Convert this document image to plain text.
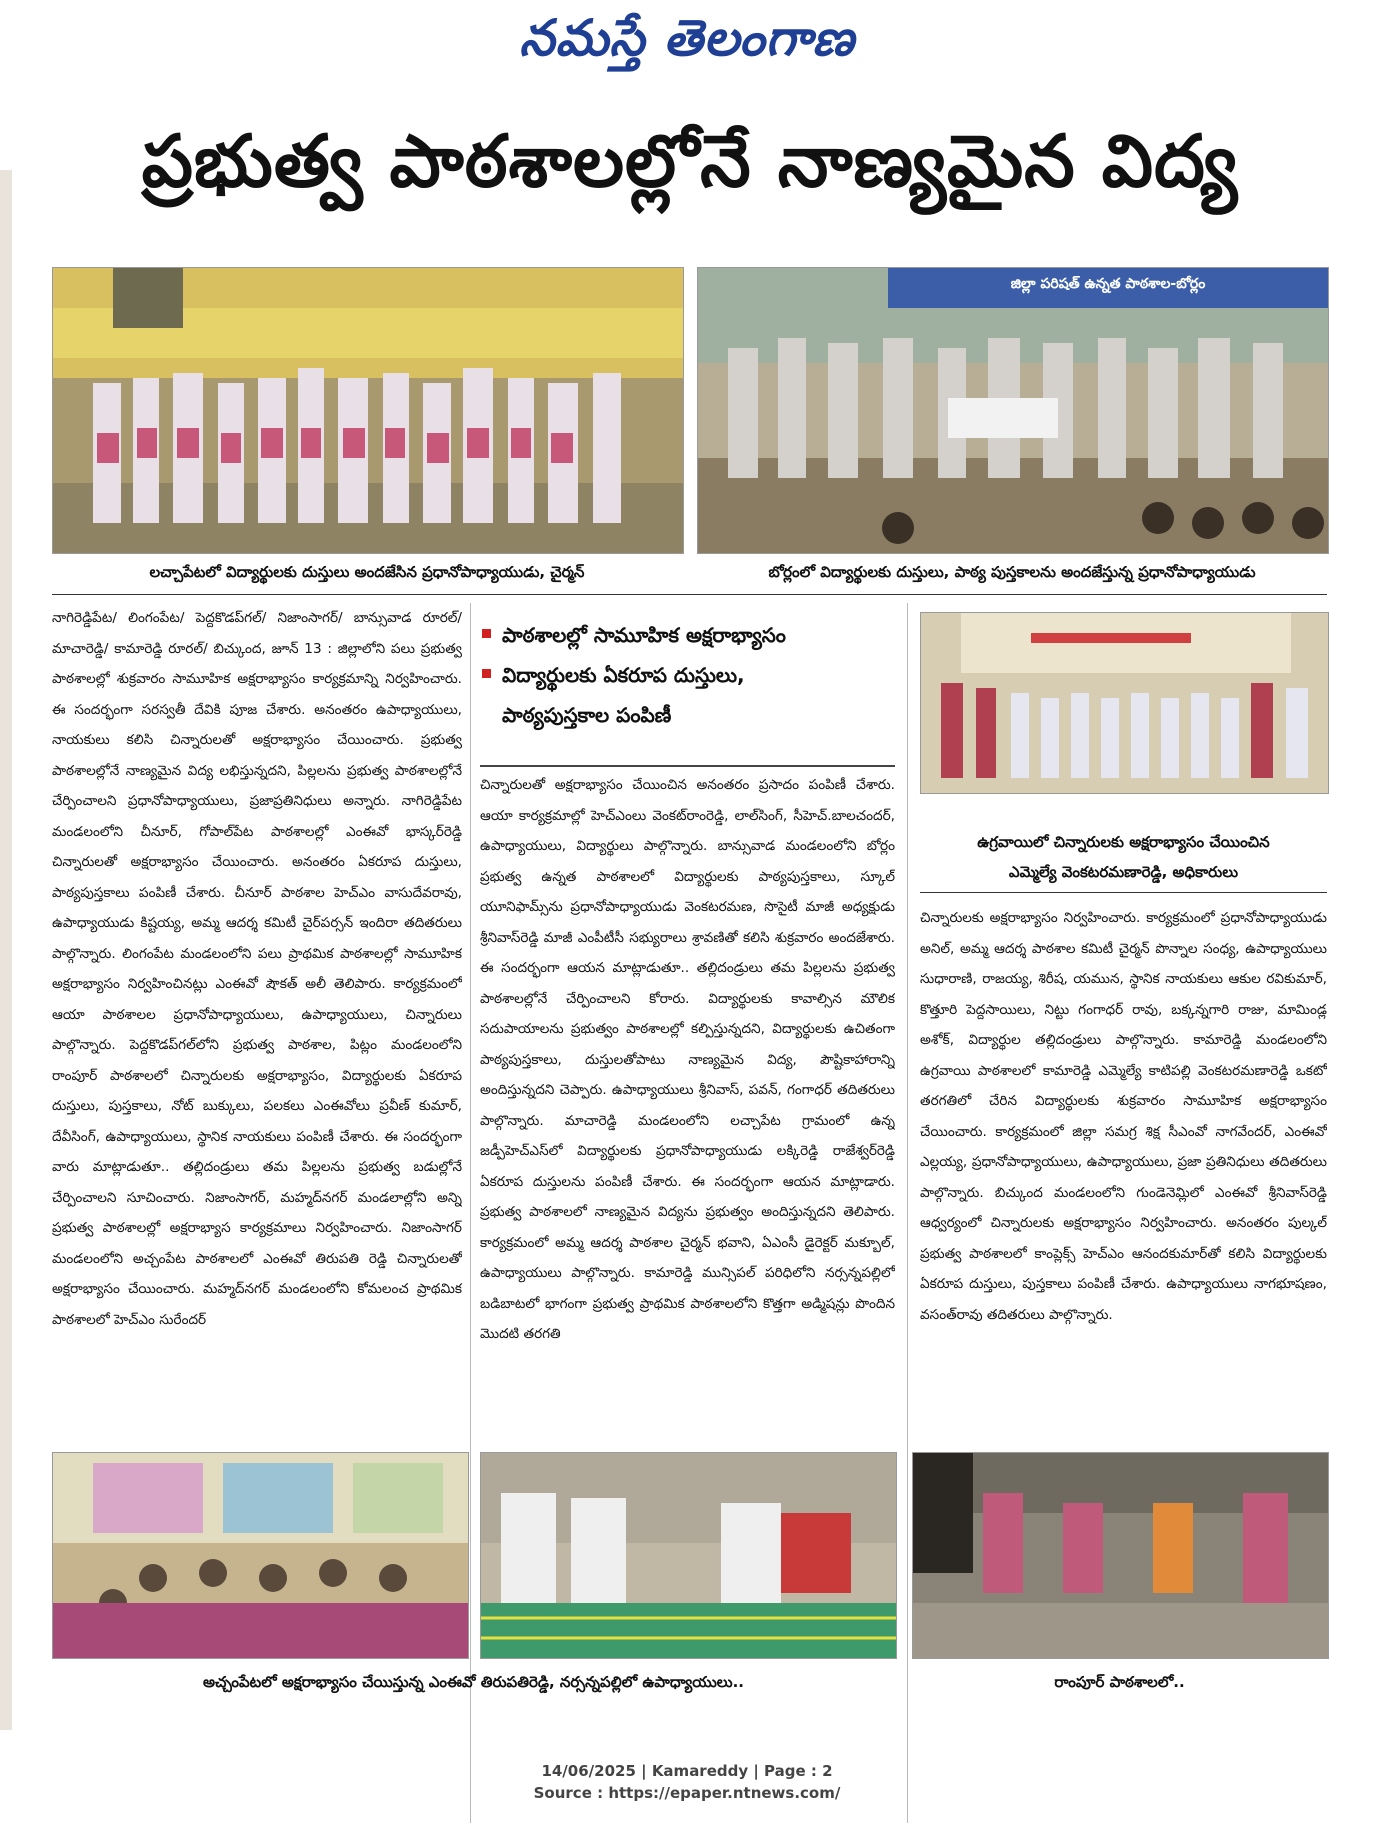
నమస్తే తెలంగాణ
ప్రభుత్వ పాఠశాలల్లోనే నాణ్యమైన విద్య
జిల్లా పరిషత్ ఉన్నత పాఠశాల-బోర్లం
లచ్చాపేటలో విద్యార్థులకు దుస్తులు అందజేసిన ప్రధానోపాధ్యాయుడు, చైర్మన్	బోర్లంలో విద్యార్థులకు దుస్తులు, పాఠ్య పుస్తకాలను అందజేస్తున్న ప్రధానోపాధ్యాయుడు
నాగిరెడ్డిపేట/ లింగంపేట/ పెద్దకొడప్‌గల్/ నిజాంసాగర్/ బాన్సువాడ రూరల్/ మాచారెడ్డి/ కామారెడ్డి రూరల్/ బిచ్కుంద, జూన్ 13 : జిల్లాలోని పలు ప్రభుత్వ పాఠశాలల్లో శుక్రవారం సామూహిక అక్షరాభ్యాసం కార్యక్రమాన్ని నిర్వహించారు. ఈ సందర్భంగా సరస్వతీ దేవికి పూజ చేశారు. అనంతరం ఉపాధ్యాయులు, నాయకులు కలిసి చిన్నారులతో అక్షరాభ్యాసం చేయించారు. ప్రభుత్వ పాఠశాలల్లోనే నాణ్యమైన విద్య లభిస్తున్నదని, పిల్లలను ప్రభుత్వ పాఠశాలల్లోనే చేర్పించాలని ప్రధానోపాధ్యాయులు, ప్రజాప్రతినిధులు అన్నారు. నాగిరెడ్డిపేట మండలంలోని చీనూర్, గోపాల్‌పేట పాఠశాలల్లో ఎంఈవో భాస్కర్‌రెడ్డి చిన్నారులతో అక్షరాభ్యాసం చేయించారు. అనంతరం ఏకరూప దుస్తులు, పాఠ్యపుస్తకాలు పంపిణీ చేశారు. చీనూర్ పాఠశాల హెచ్‌ఎం వాసుదేవరావు, ఉపాధ్యాయుడు కిష్టయ్య, అమ్మ ఆదర్శ కమిటీ చైర్‌పర్సన్ ఇందిరా తదితరులు పాల్గొన్నారు. లింగంపేట మండలంలోని పలు ప్రాథమిక పాఠశాలల్లో సామూహిక అక్షరాభ్యాసం నిర్వహించినట్లు ఎంఈవో షౌకత్ అలీ తెలిపారు. కార్యక్రమంలో ఆయా పాఠశాలల ప్రధానోపాధ్యాయులు, ఉపాధ్యాయులు, చిన్నారులు పాల్గొన్నారు. పెద్దకొడప్‌గల్‌లోని ప్రభుత్వ పాఠశాల, పిట్లం మండలంలోని రాంపూర్ పాఠశాలలో చిన్నారులకు అక్షరాభ్యాసం, విద్యార్థులకు ఏకరూప దుస్తులు, పుస్తకాలు, నోట్ బుక్కులు, పలకలు ఎంఈవోలు ప్రవీణ్ కుమార్, దేవీసింగ్, ఉపాధ్యాయులు, స్థానిక నాయకులు పంపిణీ చేశారు. ఈ సందర్భంగా వారు మాట్లాడుతూ.. తల్లిదండ్రులు తమ పిల్లలను ప్రభుత్వ బడుల్లోనే చేర్పించాలని సూచించారు. నిజాంసాగర్, మహ్మద్‌నగర్ మండలాల్లోని అన్ని ప్రభుత్వ పాఠశాలల్లో అక్షరాభ్యాస కార్యక్రమాలు నిర్వహించారు. నిజాంసాగర్ మండలంలోని అచ్చంపేట పాఠశాలలో ఎంఈవో తిరుపతి రెడ్డి చిన్నారులతో అక్షరాభ్యాసం చేయించారు. మహ్మద్‌నగర్ మండలంలోని కోమలంచ ప్రాథమిక పాఠశాలలో హెచ్‌ఎం సురేందర్
పాఠశాలల్లో సామూహిక అక్షరాభ్యాసం
విద్యార్థులకు ఏకరూప దుస్తులు,
పాఠ్యపుస్తకాల పంపిణీ
చిన్నారులతో అక్షరాభ్యాసం చేయించిన అనంతరం ప్రసాదం పంపిణీ చేశారు. ఆయా కార్యక్రమాల్లో హెచ్‌ఎంలు వెంకట్‌రాంరెడ్డి, లాల్‌సింగ్, సీహెచ్.బాలచందర్, ఉపాధ్యాయులు, విద్యార్థులు పాల్గొన్నారు. బాన్సువాడ మండలంలోని బోర్లం ప్రభుత్వ ఉన్నత పాఠశాలలో విద్యార్థులకు పాఠ్యపుస్తకాలు, స్కూల్ యూనిఫామ్స్‌ను ప్రధానోపాధ్యాయుడు వెంకటరమణ, సొసైటీ మాజీ అధ్యక్షుడు శ్రీనివాస్‌రెడ్డి మాజీ ఎంపీటీసీ సభ్యురాలు శ్రావణితో కలిసి శుక్రవారం అందజేశారు. ఈ సందర్భంగా ఆయన మాట్లాడుతూ.. తల్లిదండ్రులు తమ పిల్లలను ప్రభుత్వ పాఠశాలల్లోనే చేర్పించాలని కోరారు. విద్యార్థులకు కావాల్సిన మౌలిక సదుపాయాలను ప్రభుత్వం పాఠశాలల్లో కల్పిస్తున్నదని, విద్యార్థులకు ఉచితంగా పాఠ్యపుస్తకాలు, దుస్తులతోపాటు నాణ్యమైన విద్య, పౌష్టికాహారాన్ని అందిస్తున్నదని చెప్పారు. ఉపాధ్యాయులు శ్రీనివాస్, పవన్, గంగాధర్ తదితరులు పాల్గొన్నారు. మాచారెడ్డి మండలంలోని లచ్చాపేట గ్రామంలో ఉన్న జడ్పీహెచ్‌ఎస్‌లో విద్యార్థులకు ప్రధానోపాధ్యాయుడు లక్కిరెడ్డి రాజేశ్వర్‌రెడ్డి ఏకరూప దుస్తులను పంపిణీ చేశారు. ఈ సందర్భంగా ఆయన మాట్లాడారు. ప్రభుత్వ పాఠశాలలో నాణ్యమైన విద్యను ప్రభుత్వం అందిస్తున్నదని తెలిపారు. కార్యక్రమంలో అమ్మ ఆదర్శ పాఠశాల చైర్మన్ భవాని, ఏఎంసీ డైరెక్టర్ మక్బూల్, ఉపాధ్యాయులు పాల్గొన్నారు. కామారెడ్డి మున్సిపల్ పరిధిలోని నర్సన్నపల్లిలో బడిబాటలో భాగంగా ప్రభుత్వ ప్రాథమిక పాఠశాలలోని కొత్తగా అడ్మిషన్లు పొందిన మొదటి తరగతి
ఉగ్రవాయిలో చిన్నారులకు అక్షరాభ్యాసం చేయించిన
ఎమ్మెల్యే వెంకటరమణారెడ్డి, అధికారులు
చిన్నారులకు అక్షరాభ్యాసం నిర్వహించారు. కార్యక్రమంలో ప్రధానోపాధ్యాయుడు అనిల్, అమ్మ ఆదర్శ పాఠశాల కమిటీ చైర్మన్ పొన్నాల సంధ్య, ఉపాధ్యాయులు సుధారాణి, రాజయ్య, శిరీష, యమున, స్థానిక నాయకులు ఆకుల రవికుమార్, కొత్తూరి పెద్దసాయిలు, నిట్టు గంగాధర్ రావు, బక్కన్నగారి రాజు, మామిండ్ల అశోక్, విద్యార్థుల తల్లిదండ్రులు పాల్గొన్నారు. కామారెడ్డి మండలంలోని ఉగ్రవాయి పాఠశాలలో కామారెడ్డి ఎమ్మెల్యే కాటిపల్లి వెంకటరమణారెడ్డి ఒకటో తరగతిలో చేరిన విద్యార్థులకు శుక్రవారం సామూహిక అక్షరాభ్యాసం చేయించారు. కార్యక్రమంలో జిల్లా సమగ్ర శిక్ష సీఎంవో నాగవేందర్, ఎంఈవో ఎల్లయ్య, ప్రధానోపాధ్యాయులు, ఉపాధ్యాయులు, ప్రజా ప్రతినిధులు తదితరులు పాల్గొన్నారు. బిచ్కుంద మండలంలోని గుండెనెమ్లిలో ఎంఈవో శ్రీనివాస్‌రెడ్డి ఆధ్వర్యంలో చిన్నారులకు అక్షరాభ్యాసం నిర్వహించారు. అనంతరం పుల్కల్ ప్రభుత్వ పాఠశాలలో కాంప్లెక్స్ హెచ్‌ఎం ఆనందకుమార్‌తో కలిసి విద్యార్థులకు ఏకరూప దుస్తులు, పుస్తకాలు పంపిణీ చేశారు. ఉపాధ్యాయులు నాగభూషణం, వసంత్‌రావు తదితరులు పాల్గొన్నారు.
అచ్చంపేటలో అక్షరాభ్యాసం చేయిస్తున్న ఎంఈవో తిరుపతిరెడ్డి, నర్సన్నపల్లిలో ఉపాధ్యాయులు..	రాంపూర్ పాఠశాలలో..
14/06/2025 | Kamareddy | Page : 2
Source : https://epaper.ntnews.com/
